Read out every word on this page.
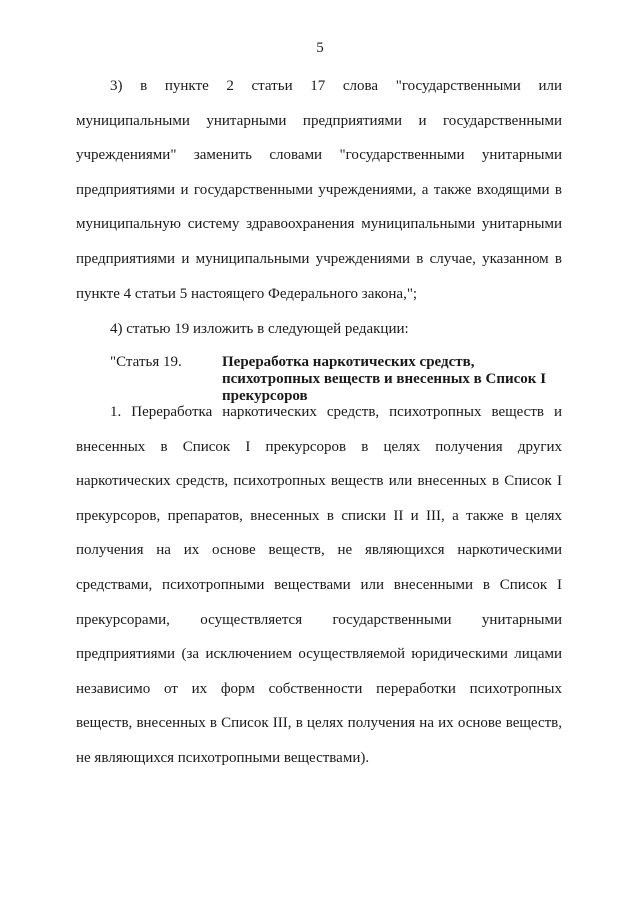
5

3) в пункте 2 статьи 17 слова "государственными или муниципальными унитарными предприятиями и государственными учреждениями" заменить словами "государственными унитарными предприятиями и государственными учреждениями, а также входящими в муниципальную систему здравоохранения муниципальными унитарными предприятиями и муниципальными учреждениями в случае, указанном в пункте 4 статьи 5 настоящего Федерального закона,";

4) статью 19 изложить в следующей редакции:

"Статья 19.	Переработка наркотических средств, психотропных веществ и внесенных в Список I прекурсоров

1. Переработка наркотических средств, психотропных веществ и внесенных в Список I прекурсоров в целях получения других наркотических средств, психотропных веществ или внесенных в Список I прекурсоров, препаратов, внесенных в списки II и III, а также в целях получения на их основе веществ, не являющихся наркотическими средствами, психотропными веществами или внесенными в Список I прекурсорами, осуществляется государственными унитарными предприятиями (за исключением осуществляемой юридическими лицами независимо от их форм собственности переработки психотропных веществ, внесенных в Список III, в целях получения на их основе веществ, не являющихся психотропными веществами).
